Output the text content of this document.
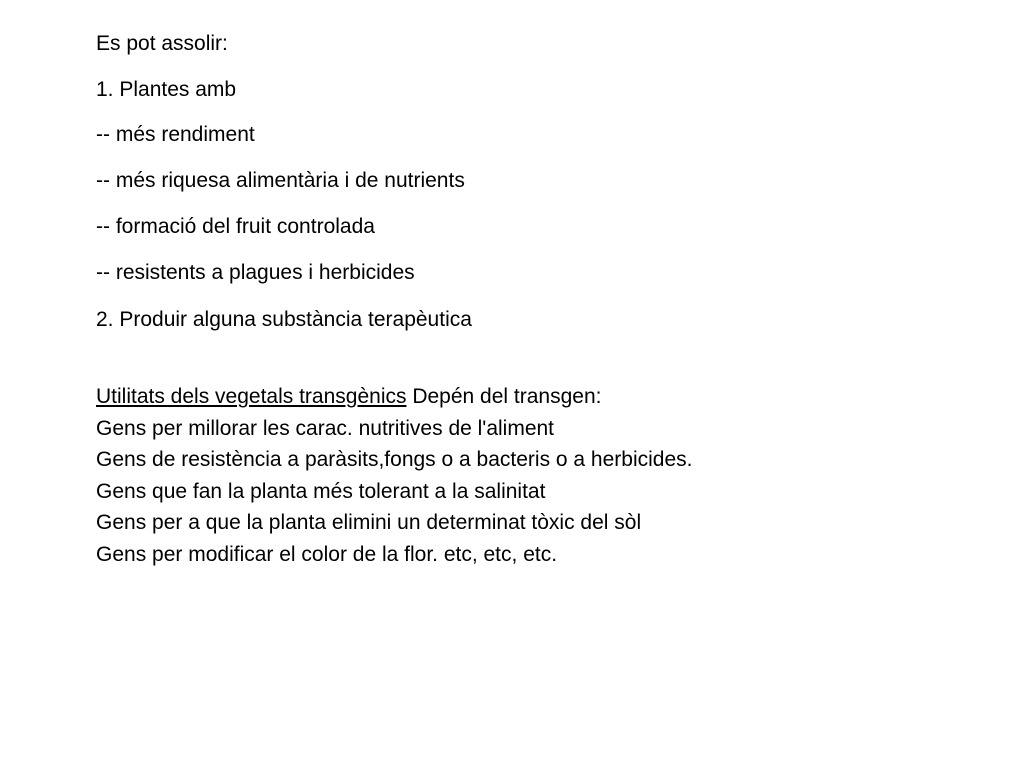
Es pot assolir:
1. Plantes amb
-- més rendiment
-- més riquesa alimentària i de nutrients
-- formació del fruit controlada
-- resistents a plagues i herbicides
2. Produir alguna substància terapèutica
Utilitats dels vegetals transgènics Depén del transgen:
Gens per millorar les carac. nutritives de l'aliment
Gens de resistència a paràsits,fongs o a bacteris o a herbicides.
Gens que fan la planta més tolerant a la salinitat
Gens per a que la planta elimini un determinat tòxic del sòl
Gens per modificar el color de la flor. etc, etc, etc.
